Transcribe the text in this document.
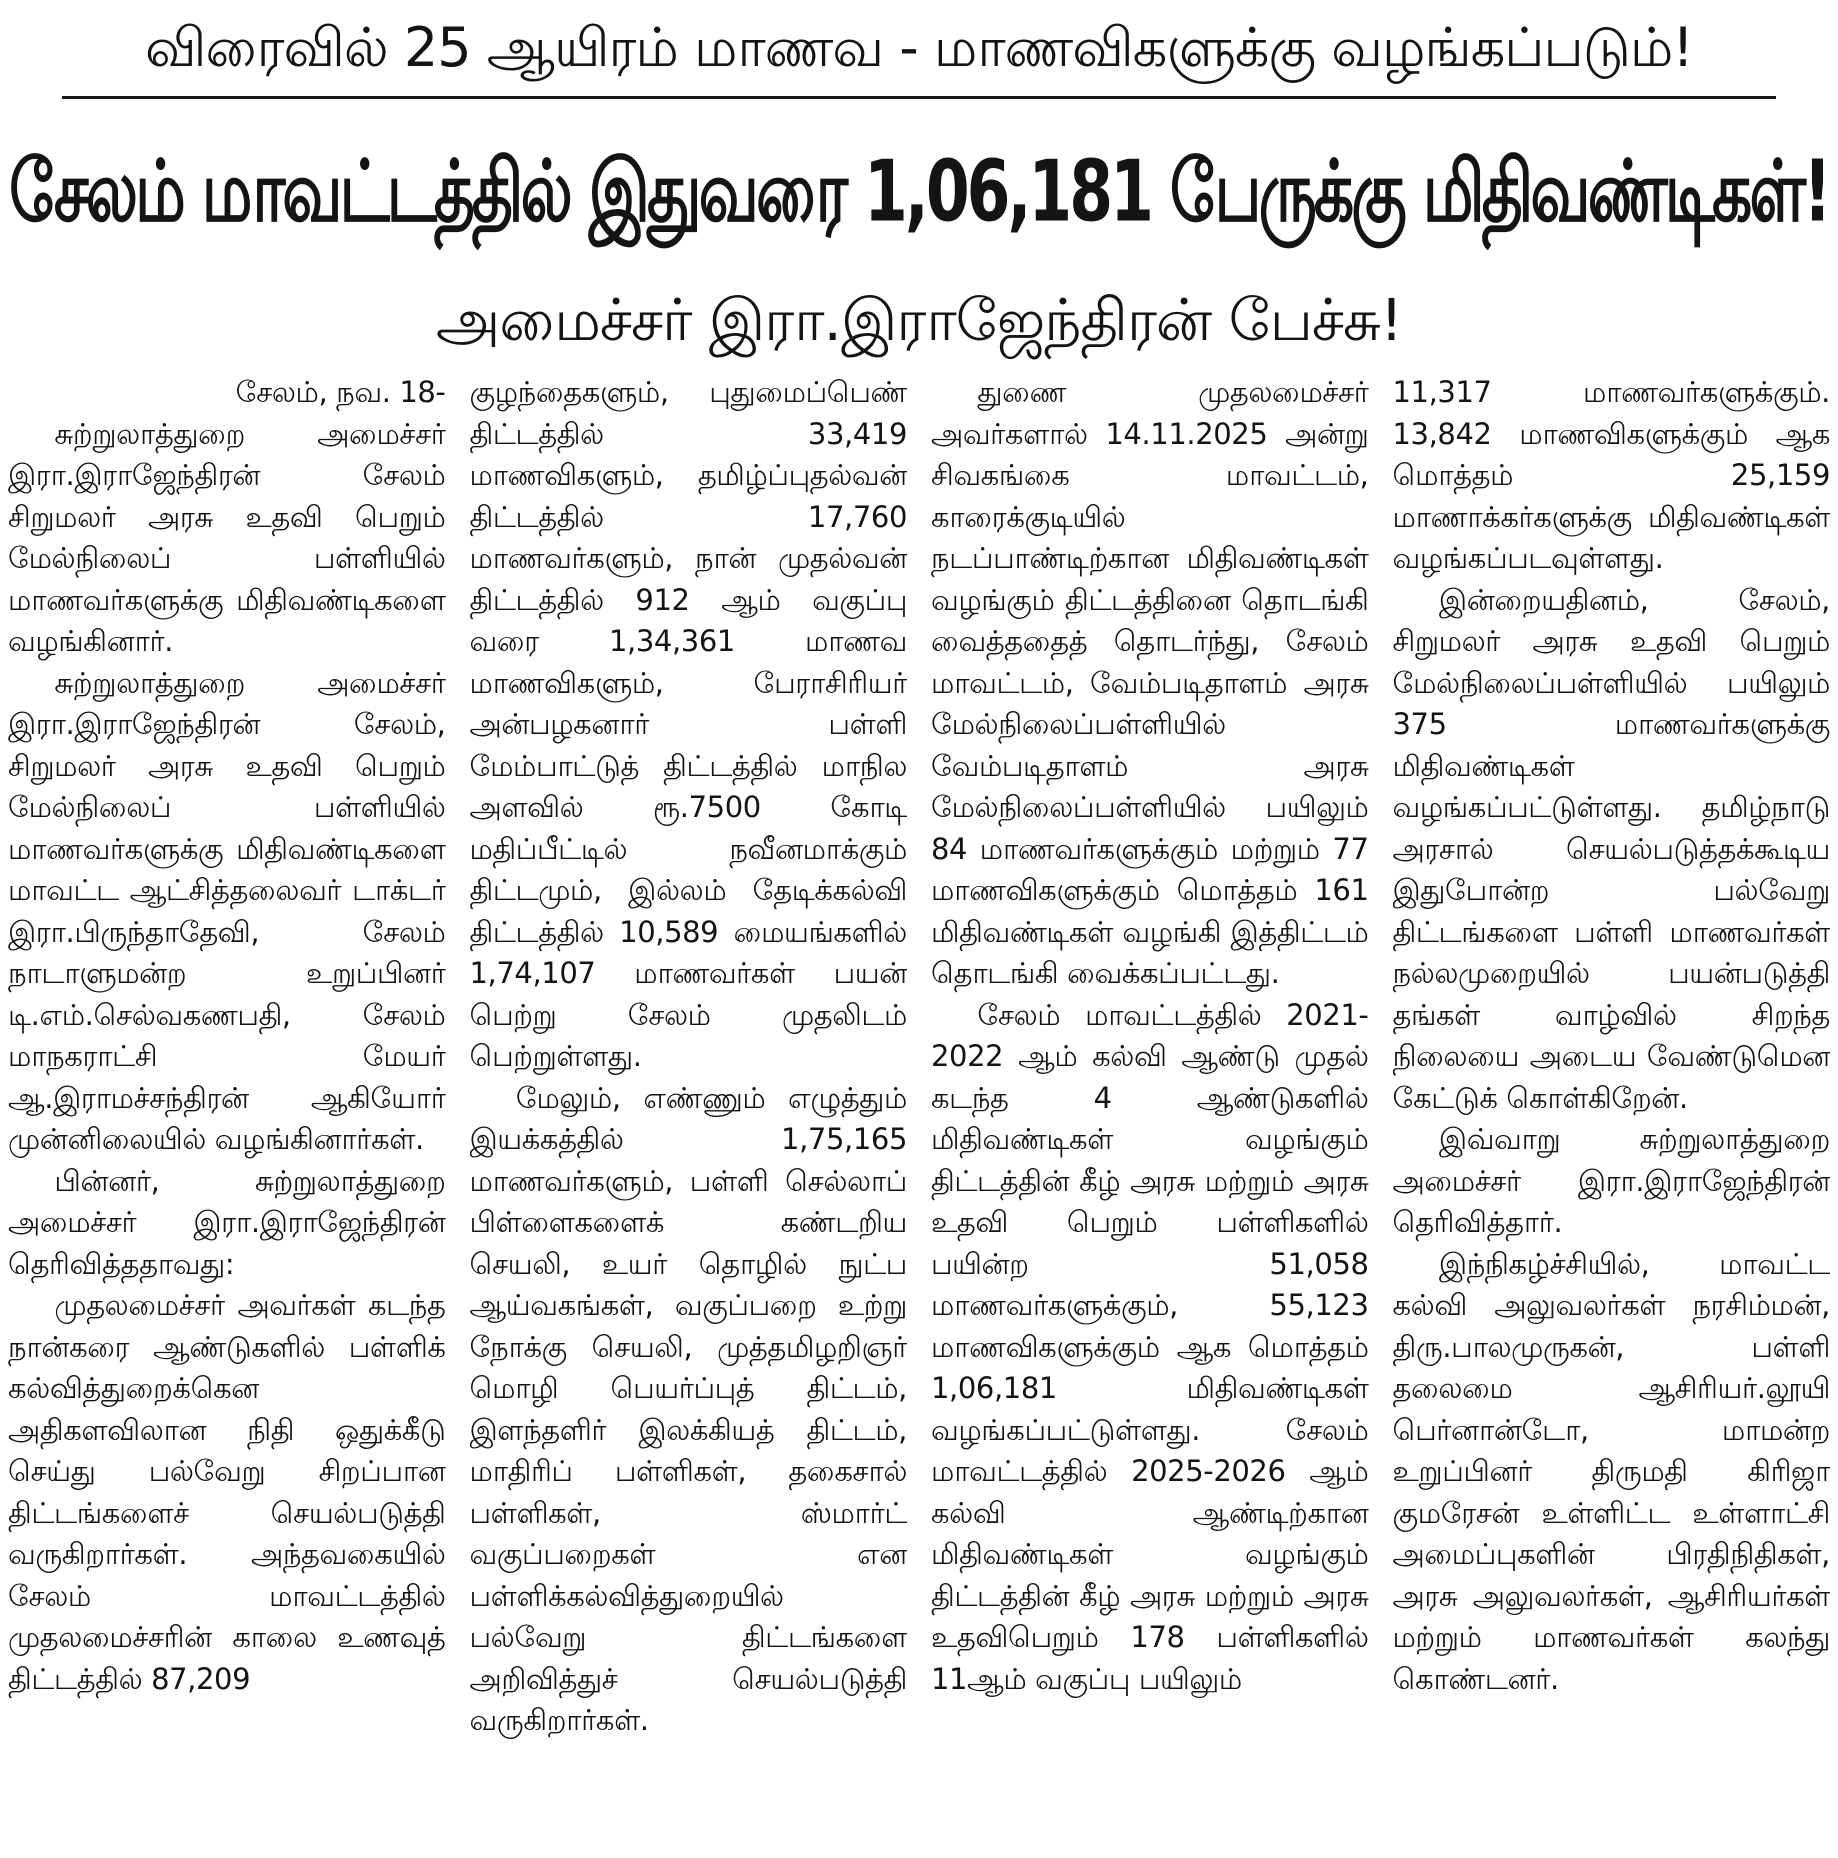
விரைவில் 25 ஆயிரம் மாணவ - மாணவிகளுக்கு வழங்கப்படும்!
சேலம் மாவட்டத்தில் இதுவரை 1,06,181 பேருக்கு மிதிவண்டிகள்!
அமைச்சர் இரா.இராஜேந்திரன் பேச்சு!

சேலம், நவ. 18-

சுற்றுலாத்துறை அமைச்சர் இரா.இராஜேந்திரன் சேலம் சிறுமலர் அரசு உதவி பெறும் மேல்நிலைப் பள்ளியில் மாணவர்களுக்கு மிதிவண்டிகளை வழங்கினார்.

சுற்றுலாத்துறை அமைச்சர் இரா.இராஜேந்திரன் சேலம், சிறுமலர் அரசு உதவி பெறும் மேல்நிலைப் பள்ளியில் மாணவர்களுக்கு மிதிவண்டிகளை மாவட்ட ஆட்சித்தலைவர் டாக்டர் இரா.பிருந்தாதேவி, சேலம் நாடாளுமன்ற உறுப்பினர் டி.எம்.செல்வகணபதி, சேலம் மாநகராட்சி மேயர் ஆ.இராமச்சந்திரன் ஆகியோர் முன்னிலையில் வழங்கினார்கள்.

பின்னர், சுற்றுலாத்துறை அமைச்சர் இரா.இராஜேந்திரன் தெரிவித்ததாவது:

முதலமைச்சர் அவர்கள் கடந்த நான்கரை ஆண்டுகளில் பள்ளிக் கல்வித்துறைக்கென அதிகளவிலான நிதி ஒதுக்கீடு செய்து பல்வேறு சிறப்பான திட்டங்களைச் செயல்படுத்தி வருகிறார்கள். அந்தவகையில் சேலம் மாவட்டத்தில் முதலமைச்சரின் காலை உணவுத் திட்டத்தில் 87,209

குழந்தைகளும், புதுமைப்பெண் திட்டத்தில் 33,419 மாணவிகளும், தமிழ்ப்புதல்வன் திட்டத்தில் 17,760 மாணவர்களும், நான் முதல்வன் திட்டத்தில் 912 ஆம் வகுப்பு வரை 1,34,361 மாணவ மாணவிகளும், பேராசிரியர் அன்பழகனார் பள்ளி மேம்பாட்டுத் திட்டத்தில் மாநில அளவில் ரூ.7500 கோடி மதிப்பீட்டில் நவீனமாக்கும் திட்டமும், இல்லம் தேடிக்கல்வி திட்டத்தில் 10,589 மையங்களில் 1,74,107 மாணவர்கள் பயன் பெற்று சேலம் முதலிடம் பெற்றுள்ளது.

மேலும், எண்ணும் எழுத்தும் இயக்கத்தில் 1,75,165 மாணவர்களும், பள்ளி செல்லாப் பிள்ளைகளைக் கண்டறிய செயலி, உயர் தொழில் நுட்ப ஆய்வகங்கள், வகுப்பறை உற்று நோக்கு செயலி, முத்தமிழறிஞர் மொழி பெயர்ப்புத் திட்டம், இளந்தளிர் இலக்கியத் திட்டம், மாதிரிப் பள்ளிகள், தகைசால் பள்ளிகள், ஸ்மார்ட் வகுப்பறைகள் என பள்ளிக்கல்வித்துறையில் பல்வேறு திட்டங்களை அறிவித்துச் செயல்படுத்தி வருகிறார்கள்.

துணை முதலமைச்சர் அவர்களால் 14.11.2025 அன்று சிவகங்கை மாவட்டம், காரைக்குடியில் நடப்பாண்டிற்கான மிதிவண்டிகள் வழங்கும் திட்டத்தினை தொடங்கி வைத்ததைத் தொடர்ந்து, சேலம் மாவட்டம், வேம்படிதாளம் அரசு மேல்நிலைப்பள்ளியில் வேம்படிதாளம் அரசு மேல்நிலைப்பள்ளியில் பயிலும் 84 மாணவர்களுக்கும் மற்றும் 77 மாணவிகளுக்கும் மொத்தம் 161 மிதிவண்டிகள் வழங்கி இத்திட்டம் தொடங்கி வைக்கப்பட்டது.

சேலம் மாவட்டத்தில் 2021-2022 ஆம் கல்வி ஆண்டு முதல் கடந்த 4 ஆண்டுகளில் மிதிவண்டிகள் வழங்கும் திட்டத்தின் கீழ் அரசு மற்றும் அரசு உதவி பெறும் பள்ளிகளில் பயின்ற 51,058 மாணவர்களுக்கும், 55,123 மாணவிகளுக்கும் ஆக மொத்தம் 1,06,181 மிதிவண்டிகள் வழங்கப்பட்டுள்ளது. சேலம் மாவட்டத்தில் 2025-2026 ஆம் கல்வி ஆண்டிற்கான மிதிவண்டிகள் வழங்கும் திட்டத்தின் கீழ் அரசு மற்றும் அரசு உதவிபெறும் 178 பள்ளிகளில் 11ஆம் வகுப்பு பயிலும்

11,317 மாணவர்களுக்கும். 13,842 மாணவிகளுக்கும் ஆக மொத்தம் 25,159 மாணாக்கர்களுக்கு மிதிவண்டிகள் வழங்கப்படவுள்ளது.

இன்றையதினம், சேலம், சிறுமலர் அரசு உதவி பெறும் மேல்நிலைப்பள்ளியில் பயிலும் 375 மாணவர்களுக்கு மிதிவண்டிகள் வழங்கப்பட்டுள்ளது. தமிழ்நாடு அரசால் செயல்படுத்தக்கூடிய இதுபோன்ற பல்வேறு திட்டங்களை பள்ளி மாணவர்கள் நல்லமுறையில் பயன்படுத்தி தங்கள் வாழ்வில் சிறந்த நிலையை அடைய வேண்டுமென கேட்டுக் கொள்கிறேன்.

இவ்வாறு சுற்றுலாத்துறை அமைச்சர் இரா.இராஜேந்திரன் தெரிவித்தார்.

இந்நிகழ்ச்சியில், மாவட்ட கல்வி அலுவலர்கள் நரசிம்மன், திரு.பாலமுருகன், பள்ளி தலைமை ஆசிரியர்.லூயி பெர்னான்டோ, மாமன்ற உறுப்பினர் திருமதி கிரிஜா குமரேசன் உள்ளிட்ட உள்ளாட்சி அமைப்புகளின் பிரதிநிதிகள், அரசு அலுவலர்கள், ஆசிரியர்கள் மற்றும் மாணவர்கள் கலந்து கொண்டனர்.
